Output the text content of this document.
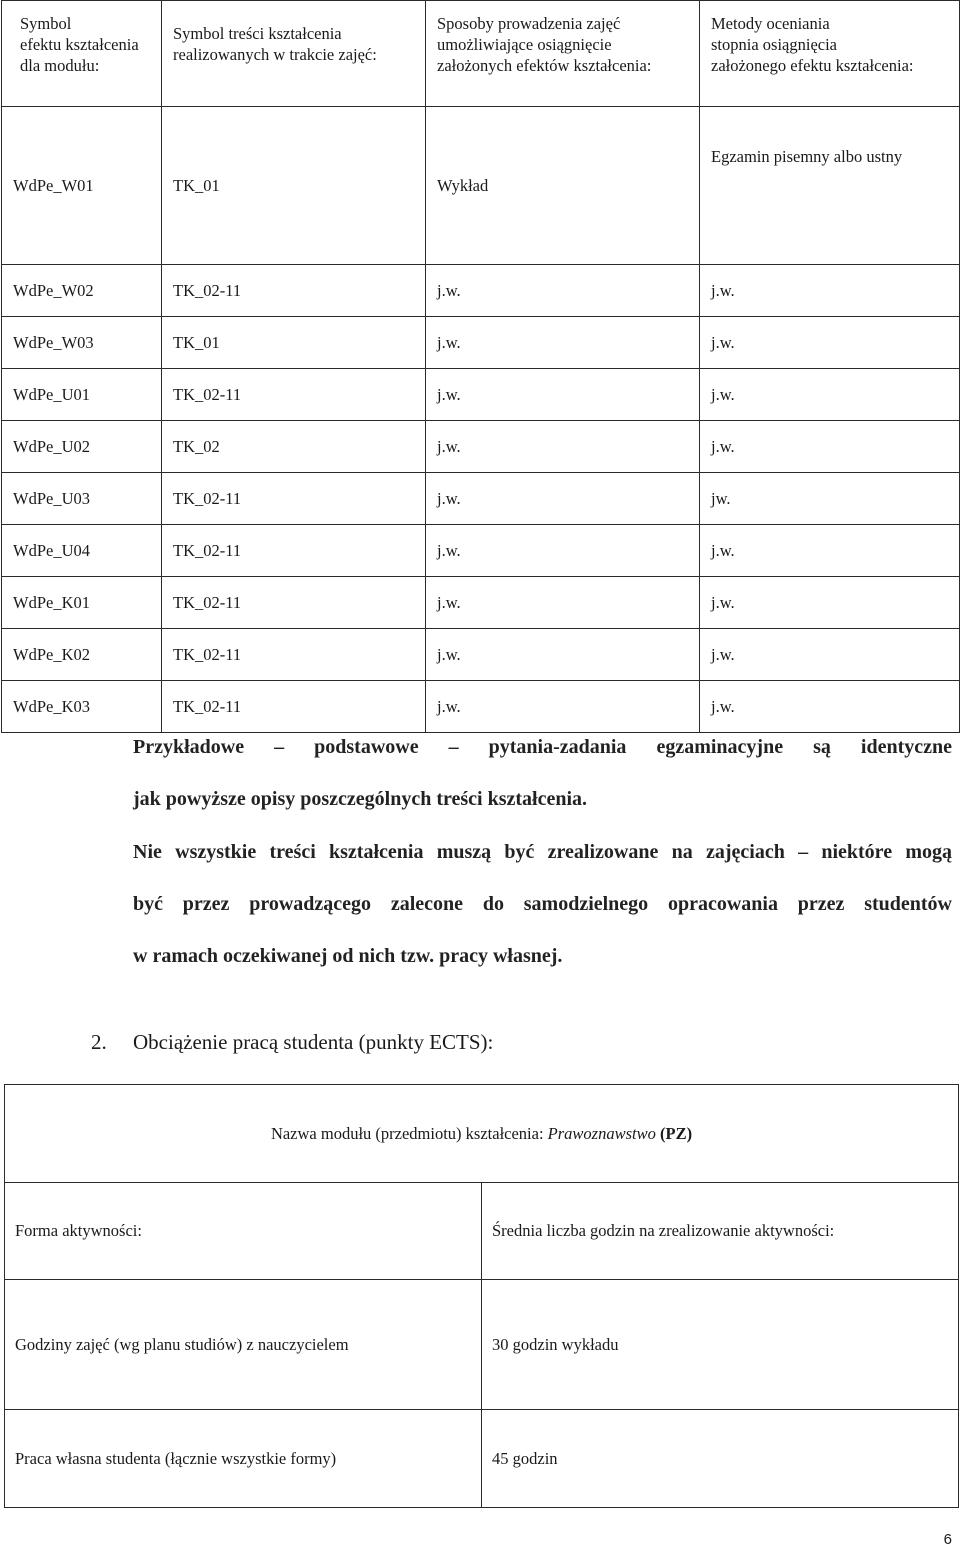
Symbol
efektu kształcenia
dla modułu:	Symbol treści kształcenia
realizowanych w trakcie zajęć:	Sposoby prowadzenia zajęć
umożliwiające osiągnięcie
założonych efektów kształcenia:	Metody oceniania
stopnia osiągnięcia
założonego efektu kształcenia:
WdPe_W01	TK_01	Wykład	Egzamin pisemny albo ustny
WdPe_W02	TK_02-11	j.w.	j.w.
WdPe_W03	TK_01	j.w.	j.w.
WdPe_U01	TK_02-11	j.w.	j.w.
WdPe_U02	TK_02	j.w.	j.w.
WdPe_U03	TK_02-11	j.w.	jw.
WdPe_U04	TK_02-11	j.w.	j.w.
WdPe_K01	TK_02-11	j.w.	j.w.
WdPe_K02	TK_02-11	j.w.	j.w.
WdPe_K03	TK_02-11	j.w.	j.w.
Przykładowe – podstawowe – pytania-zadania egzaminacyjne są identyczne
jak powyższe opisy poszczególnych treści kształcenia.
Nie wszystkie treści kształcenia muszą być zrealizowane na zajęciach – niektóre mogą
być przez prowadzącego zalecone do samodzielnego opracowania przez studentów
w ramach oczekiwanej od nich tzw. pracy własnej.
2. Obciążenie pracą studenta (punkty ECTS):
Nazwa modułu (przedmiotu) kształcenia: Prawoznawstwo (PZ)	
Forma aktywności:	Średnia liczba godzin na zrealizowanie aktywności:
Godziny zajęć (wg planu studiów) z nauczycielem	30 godzin wykładu
Praca własna studenta (łącznie wszystkie formy)	45 godzin
6
